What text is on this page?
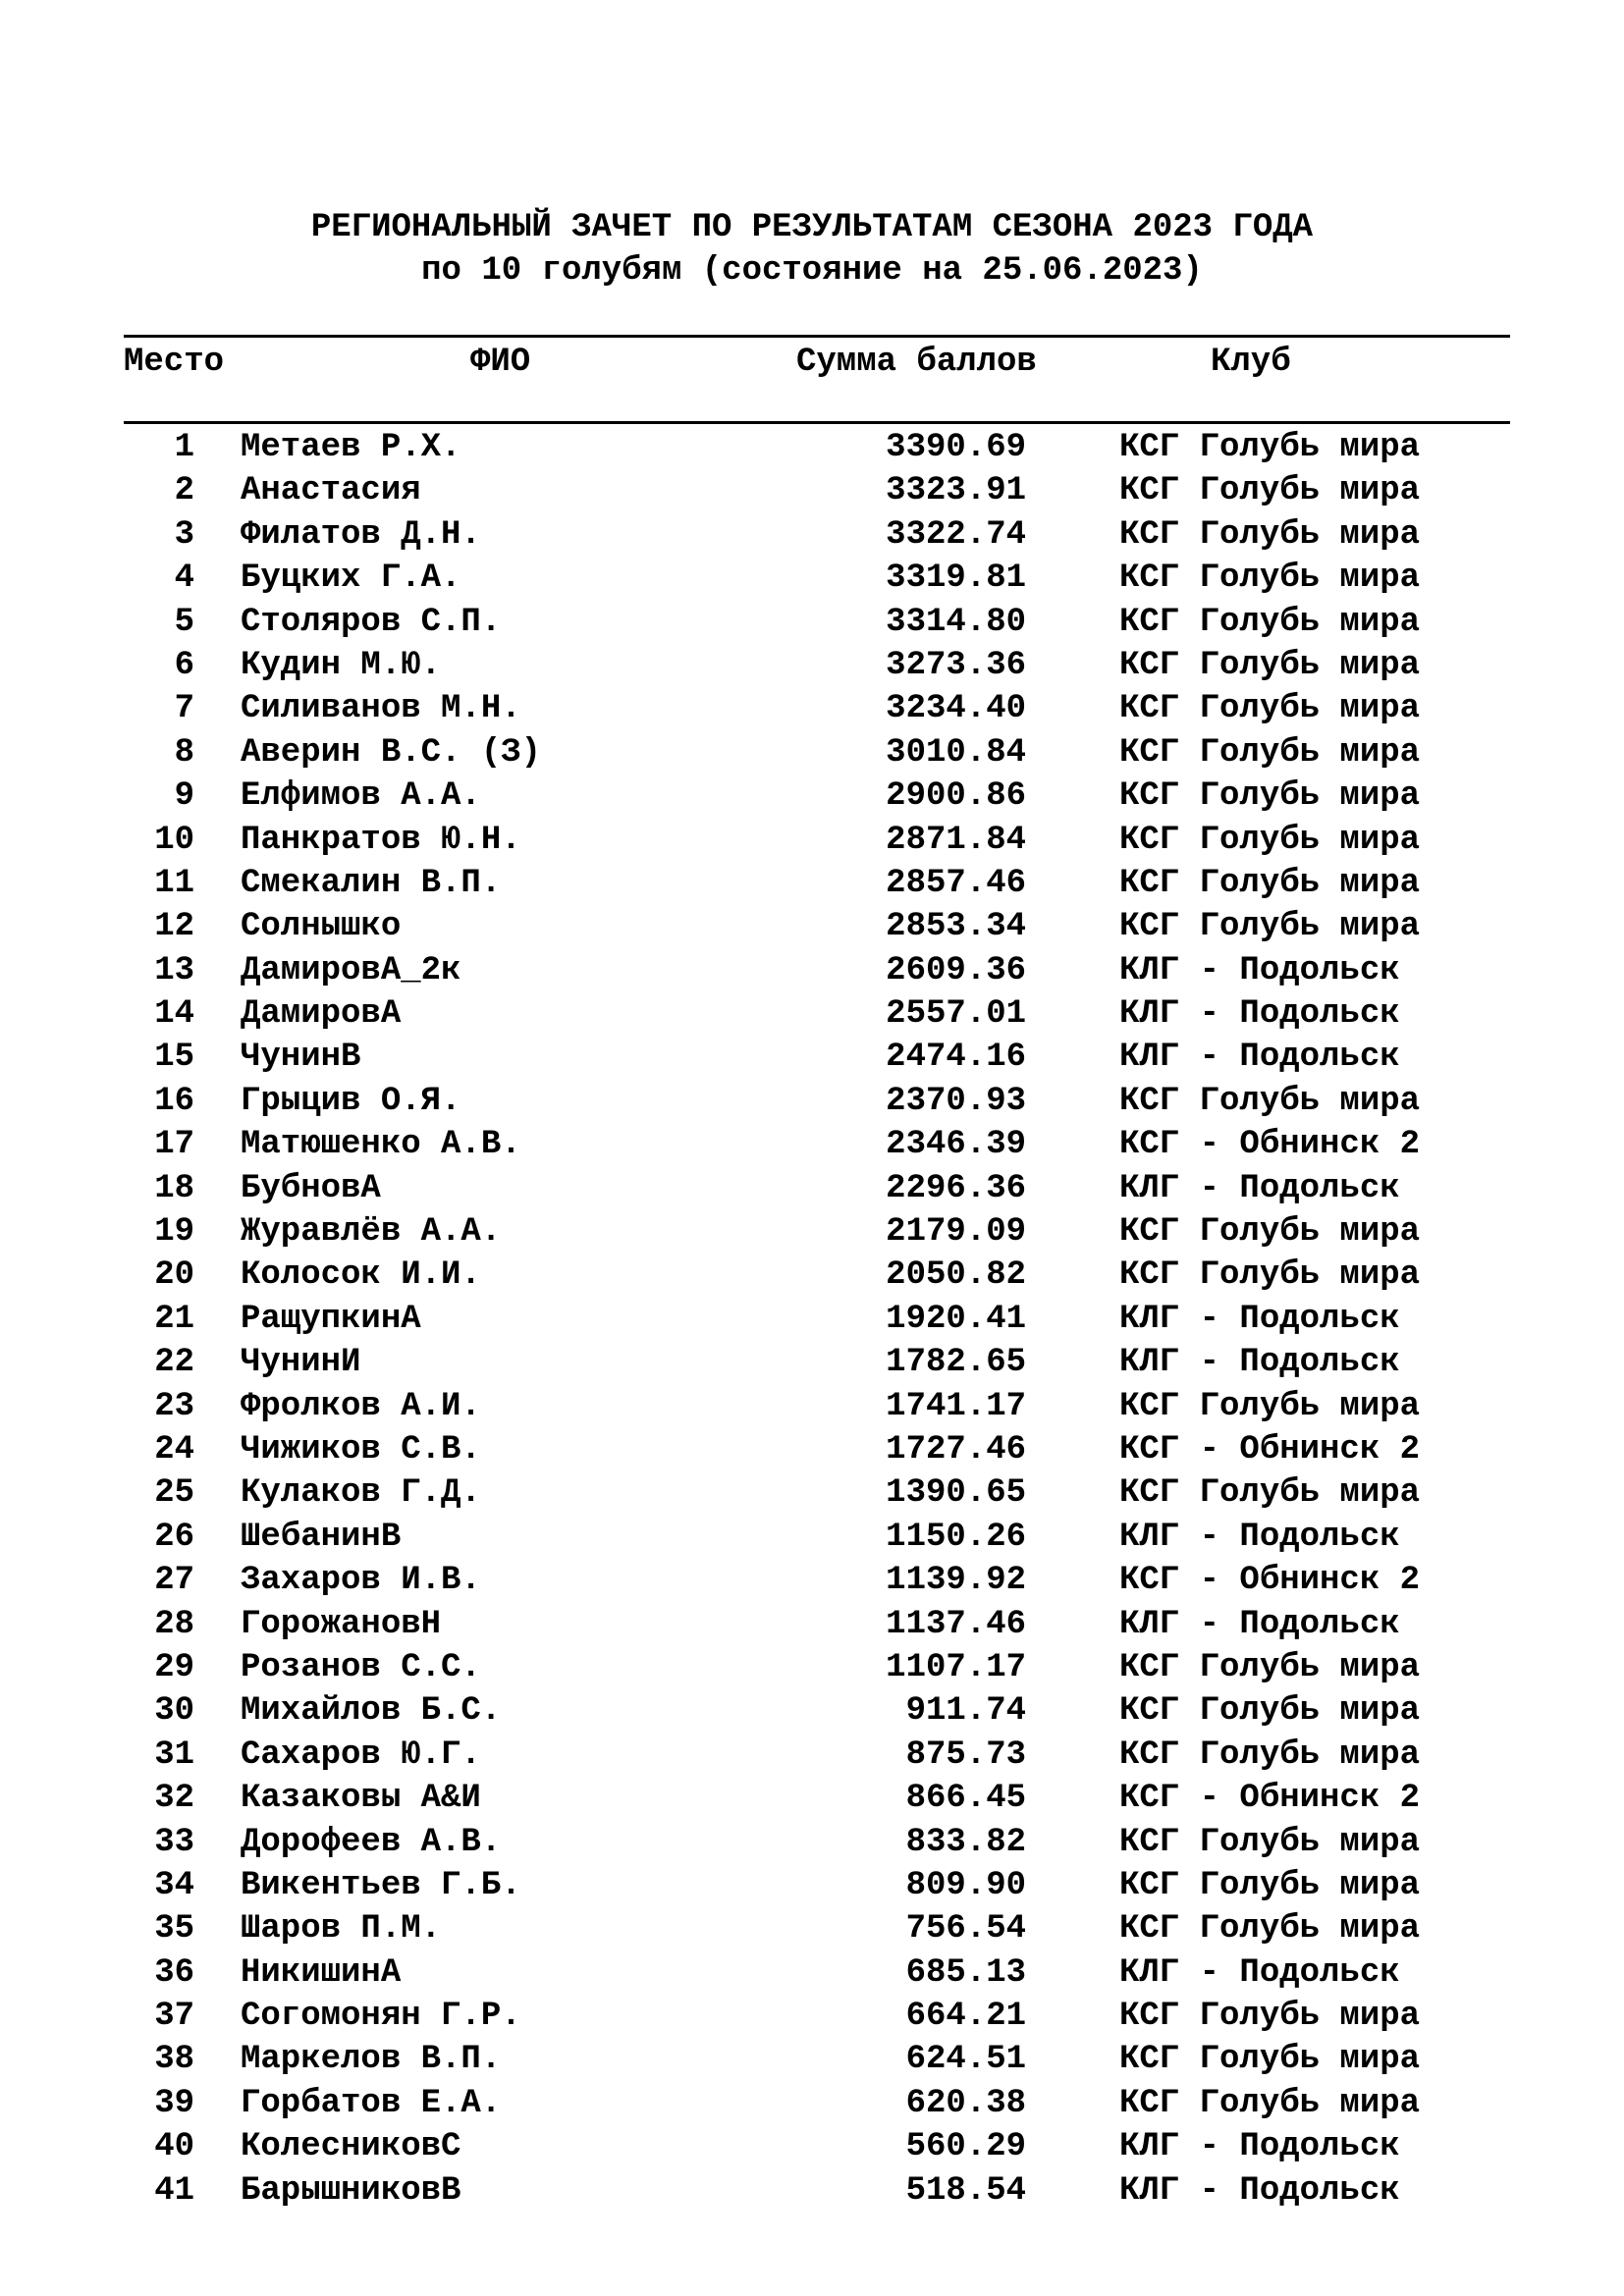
РЕГИОНАЛЬНЫЙ ЗАЧЕТ ПО РЕЗУЛЬТАТАМ СЕЗОНА 2023 ГОДА
по 10 голубям (состояние на 25.06.2023)
Место	ФИО	Сумма баллов	Клуб
1 Метаев Р.Х.	3390.69	КСГ Голубь мира
2 Анастасия	3323.91	КСГ Голубь мира
3 Филатов Д.Н.	3322.74	КСГ Голубь мира
4 Буцких Г.А.	3319.81	КСГ Голубь мира
5 Столяров С.П.	3314.80	КСГ Голубь мира
6 Кудин М.Ю.	3273.36	КСГ Голубь мира
7 Силиванов М.Н.	3234.40	КСГ Голубь мира
8 Аверин В.С. (З)	3010.84	КСГ Голубь мира
9 Елфимов А.А.	2900.86	КСГ Голубь мира
10 Панкратов Ю.Н.	2871.84	КСГ Голубь мира
11 Смекалин В.П.	2857.46	КСГ Голубь мира
12 Солнышко	2853.34	КСГ Голубь мира
13 ДамировА_2к	2609.36	КЛГ - Подольск
14 ДамировА	2557.01	КЛГ - Подольск
15 ЧунинВ	2474.16	КЛГ - Подольск
16 Грыцив О.Я.	2370.93	КСГ Голубь мира
17 Матюшенко А.В.	2346.39	КСГ - Обнинск 2
18 БубновА	2296.36	КЛГ - Подольск
19 Журавлёв А.А.	2179.09	КСГ Голубь мира
20 Колосок И.И.	2050.82	КСГ Голубь мира
21 РащупкинА	1920.41	КЛГ - Подольск
22 ЧунинИ	1782.65	КЛГ - Подольск
23 Фролков А.И.	1741.17	КСГ Голубь мира
24 Чижиков С.В.	1727.46	КСГ - Обнинск 2
25 Кулаков Г.Д.	1390.65	КСГ Голубь мира
26 ШебанинВ	1150.26	КЛГ - Подольск
27 Захаров И.В.	1139.92	КСГ - Обнинск 2
28 ГорожановН	1137.46	КЛГ - Подольск
29 Розанов С.С.	1107.17	КСГ Голубь мира
30 Михайлов Б.С.	911.74	КСГ Голубь мира
31 Сахаров Ю.Г.	875.73	КСГ Голубь мира
32 Казаковы А&И	866.45	КСГ - Обнинск 2
33 Дорофеев А.В.	833.82	КСГ Голубь мира
34 Викентьев Г.Б.	809.90	КСГ Голубь мира
35 Шаров П.М.	756.54	КСГ Голубь мира
36 НикишинА	685.13	КЛГ - Подольск
37 Согомонян Г.Р.	664.21	КСГ Голубь мира
38 Маркелов В.П.	624.51	КСГ Голубь мира
39 Горбатов Е.А.	620.38	КСГ Голубь мира
40 КолесниковС	560.29	КЛГ - Подольск
41 БарышниковВ	518.54	КЛГ - Подольск
